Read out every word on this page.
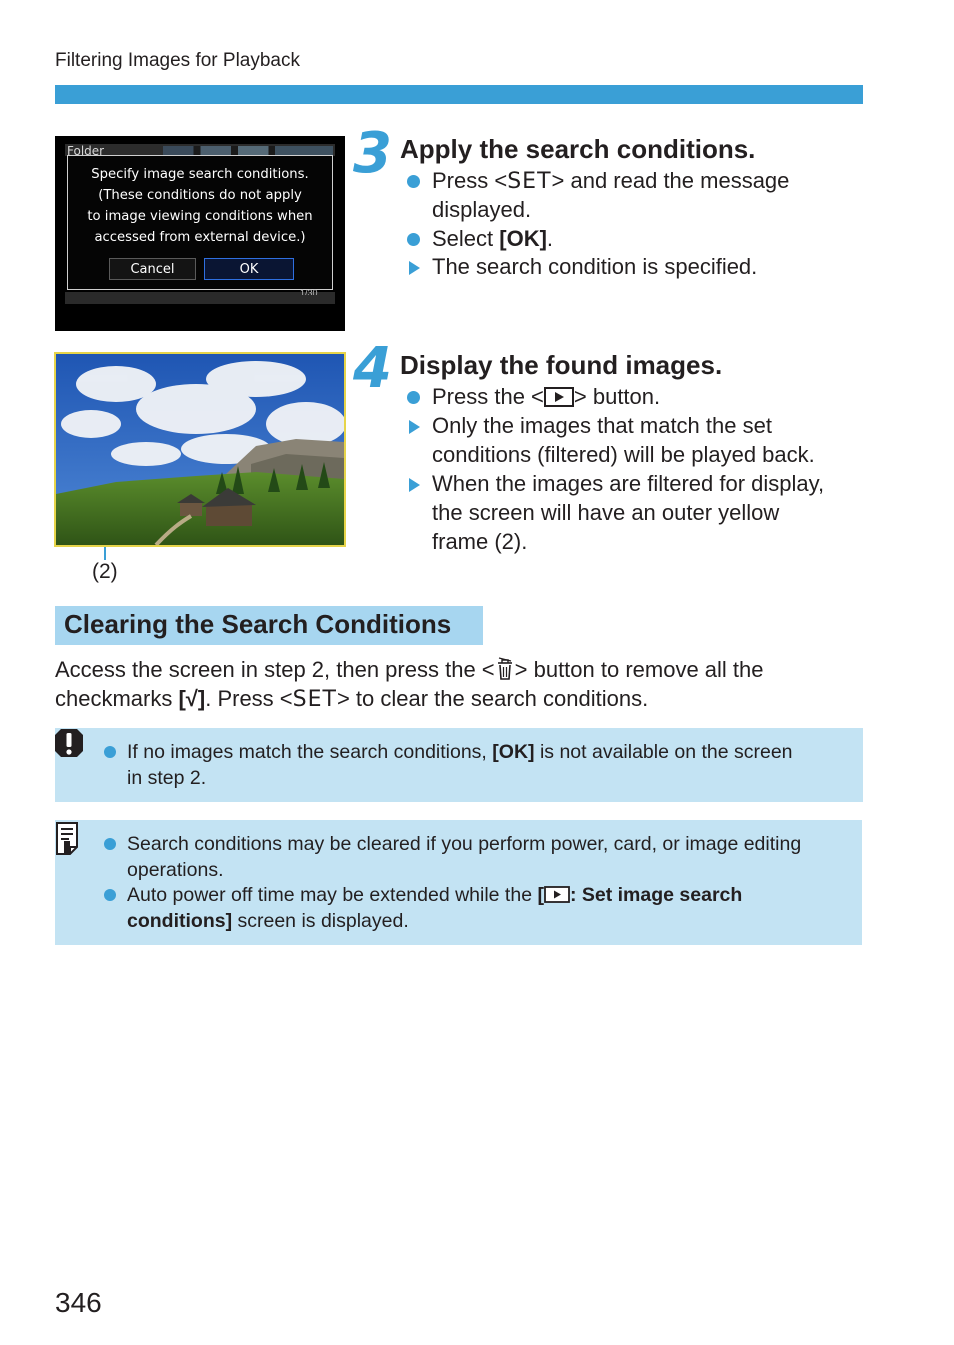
Filtering Images for Playback
Folder
Specify image search conditions.
(These conditions do not apply
to image viewing conditions when
accessed from external device.)
Cancel	OK
1/30
3 Apply the search conditions.
Press <SET> and read the message
displayed.
Select [OK].
The search condition is specified.
(2)
4 Display the found images.
Press the < > button.
Only the images that match the set
conditions (filtered) will be played back.
When the images are filtered for display,
the screen will have an outer yellow
frame (2).
Clearing the Search Conditions
Access the screen in step 2, then press the < > button to remove all the
checkmarks [√]. Press <SET> to clear the search conditions.
If no images match the search conditions, [OK] is not available on the screen
in step 2.
Search conditions may be cleared if you perform power, card, or image editing
operations.
Auto power off time may be extended while the [ : Set image search
conditions] screen is displayed.
346
